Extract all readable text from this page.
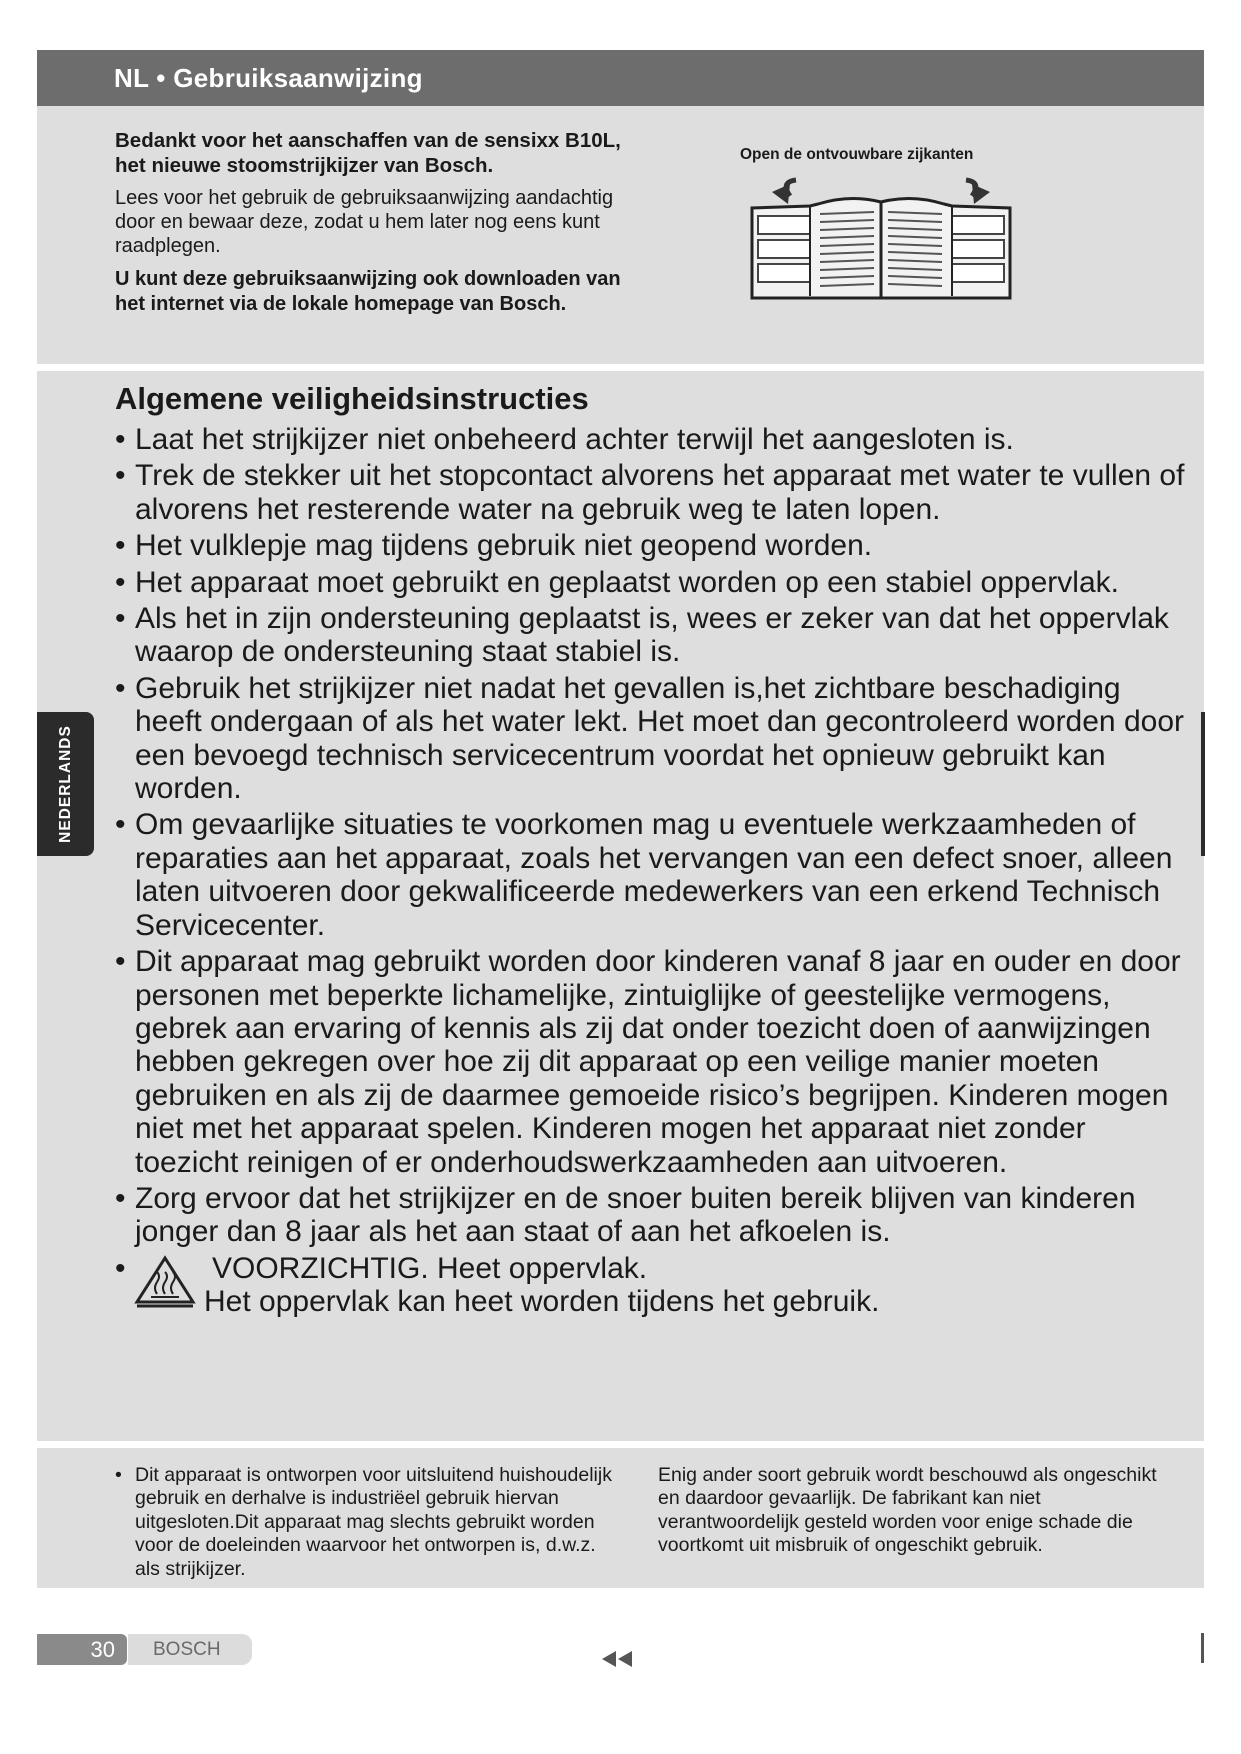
NL • Gebruiksaanwijzing
Bedankt voor het aanschaffen van de sensixx B10L, het nieuwe stoomstrijkijzer van Bosch.
Lees voor het gebruik de gebruiksaanwijzing aandachtig door en bewaar deze, zodat u hem later nog eens kunt raadplegen.
U kunt deze gebruiksaanwijzing ook downloaden van het internet via de lokale homepage van Bosch.
Open de ontvouwbare zijkanten
Algemene veiligheidsinstructies
• Laat het strijkijzer niet onbeheerd achter terwijl het aangesloten is.
• Trek de stekker uit het stopcontact alvorens het apparaat met water te vullen of alvorens het resterende water na gebruik weg te laten lopen.
• Het vulklepje mag tijdens gebruik niet geopend worden.
• Het apparaat moet gebruikt en geplaatst worden op een stabiel oppervlak.
• Als het in zijn ondersteuning geplaatst is, wees er zeker van dat het oppervlak waarop de ondersteuning staat stabiel is.
• Gebruik het strijkijzer niet nadat het gevallen is,het zichtbare beschadiging heeft ondergaan of als het water lekt. Het moet dan gecontroleerd worden door een bevoegd technisch servicecentrum voordat het opnieuw gebruikt kan worden.
• Om gevaarlijke situaties te voorkomen mag u eventuele werkzaamheden of reparaties aan het apparaat, zoals het vervangen van een defect snoer, alleen laten uitvoeren door gekwalificeerde medewerkers van een erkend Technisch Servicecenter.
• Dit apparaat mag gebruikt worden door kinderen vanaf 8 jaar en ouder en door personen met beperkte lichamelijke, zintuiglijke of geestelijke vermogens, gebrek aan ervaring of kennis als zij dat onder toezicht doen of aanwijzingen hebben gekregen over hoe zij dit apparaat op een veilige manier moeten gebruiken en als zij de daarmee gemoeide risico’s begrijpen. Kinderen mogen niet met het apparaat spelen. Kinderen mogen het apparaat niet zonder toezicht reinigen of er onderhoudswerkzaamheden aan uitvoeren.
• Zorg ervoor dat het strijkijzer en de snoer buiten bereik blijven van kinderen jonger dan 8 jaar als het aan staat of aan het afkoelen is.
• VOORZICHTIG. Heet oppervlak.
Het oppervlak kan heet worden tijdens het gebruik.
• Dit apparaat is ontworpen voor uitsluitend huishoudelijk gebruik en derhalve is industriëel gebruik hiervan uitgesloten.Dit apparaat mag slechts gebruikt worden voor de doeleinden waarvoor het ontworpen is, d.w.z. als strijkijzer.
Enig ander soort gebruik wordt beschouwd als ongeschikt en daardoor gevaarlijk. De fabrikant kan niet verantwoordelijk gesteld worden voor enige schade die voortkomt uit misbruik of ongeschikt gebruik.
NEDERLANDS
30 BOSCH
